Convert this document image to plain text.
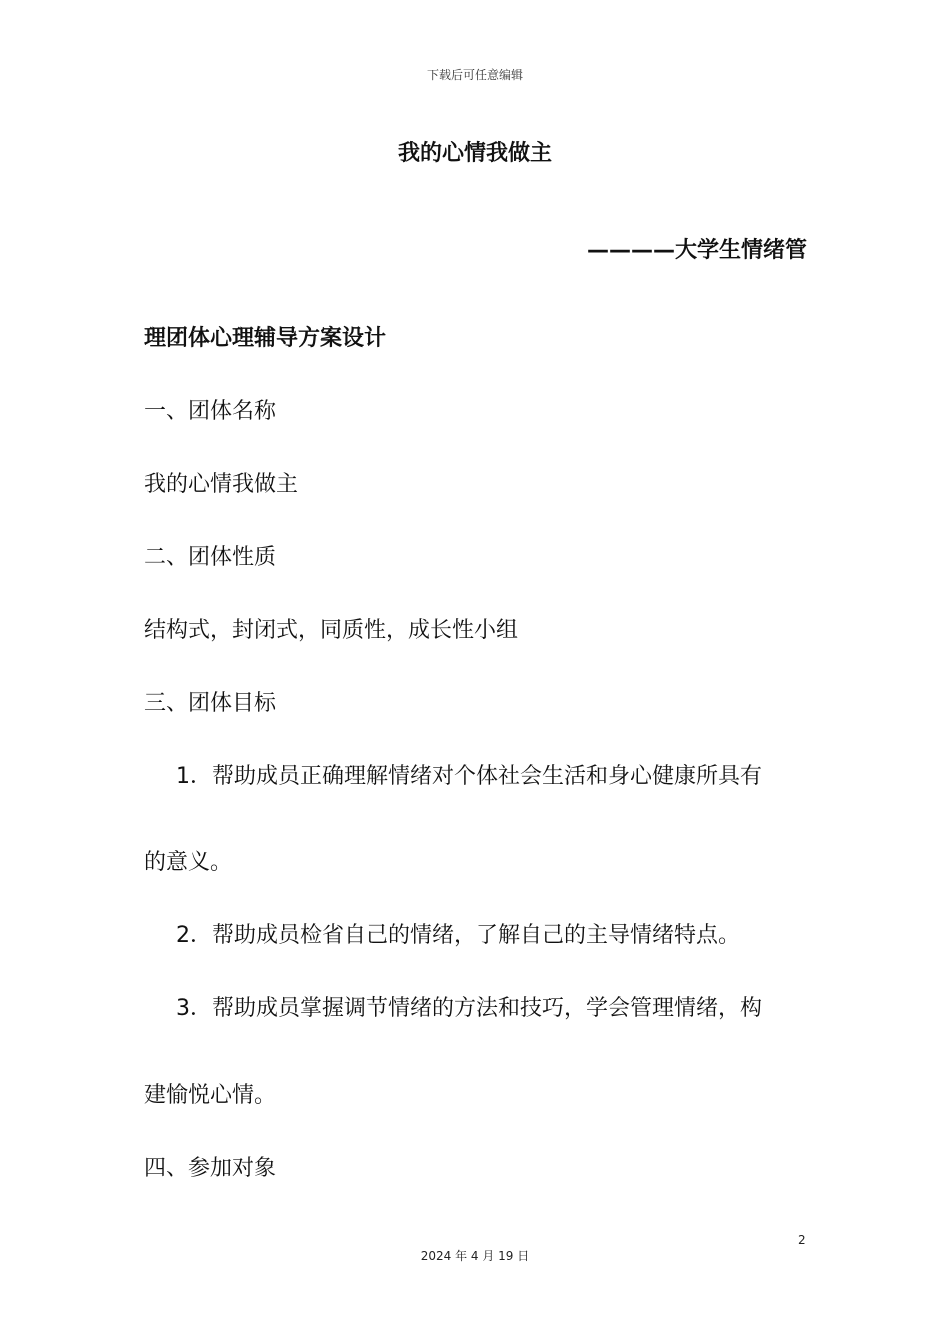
下载后可任意编辑
我的心情我做主
————大学生情绪管
理团体心理辅导方案设计
一、团体名称
我的心情我做主
二、团体性质
结构式，封闭式，同质性，成长性小组
三、团体目标
1．帮助成员正确理解情绪对个体社会生活和身心健康所具有
的意义。
2．帮助成员检省自己的情绪，了解自己的主导情绪特点。
3．帮助成员掌握调节情绪的方法和技巧，学会管理情绪，构
建愉悦心情。
四、参加对象
2
2024 年 4 月 19 日
